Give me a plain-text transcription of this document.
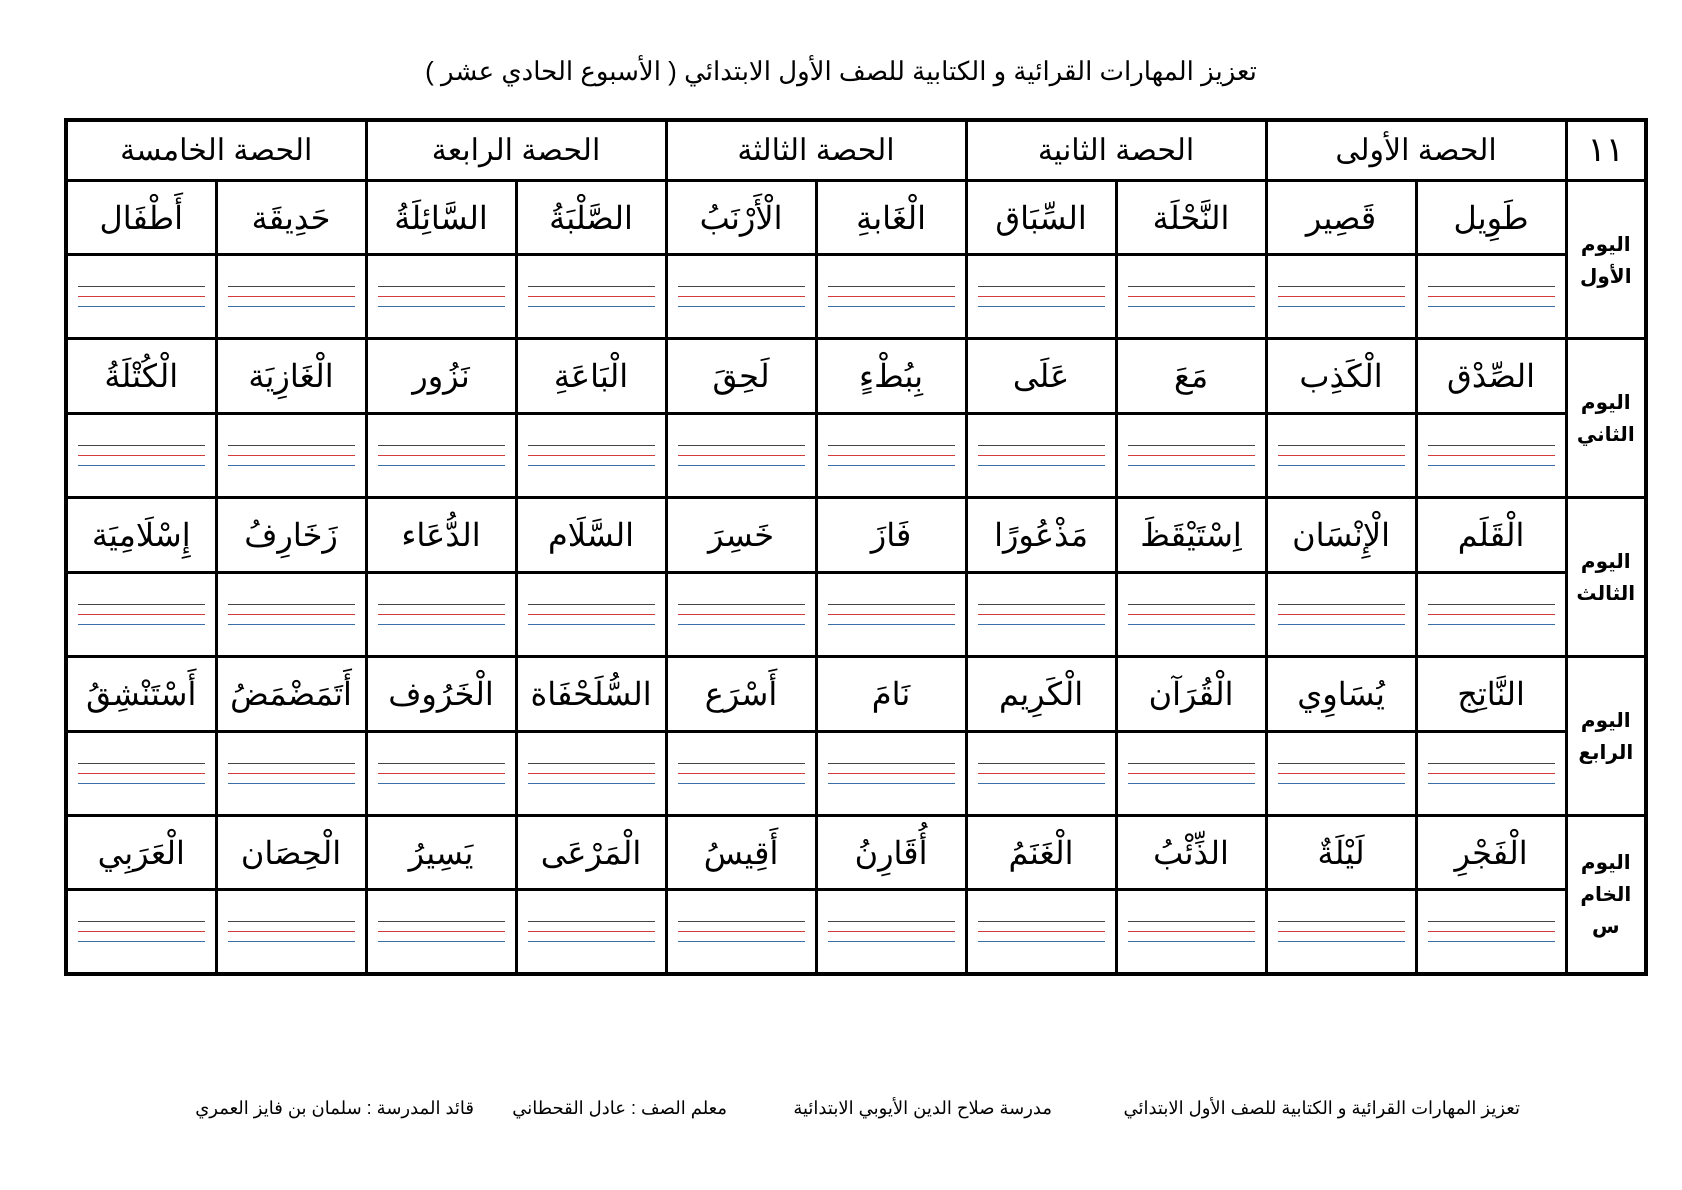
تعزيز المهارات القرائية و الكتابية للصف الأول الابتدائي ( الأسبوع الحادي عشر )
١١	الحصة الأولى		الحصة الثانية		الحصة الثالثة		الحصة الرابعة		الحصة الخامسة	

اليوم
الأول	طَوِيل	قَصِير	النَّحْلَة	السِّبَاق	الْغَابةِ	الْأَرْنَبُ	الصَّلْبَةُ	السَّائِلَةُ	حَدِيقَة	أَطْفَال

اليوم
الثاني	الصِّدْق	الْكَذِب	مَعَ	عَلَى	بِبُطْءٍ	لَحِقَ	الْبَاعَةِ	نَزُور	الْغَازِيَة	الْكُتْلَةُ

اليوم
الثالث	الْقَلَم	الْإِنْسَان	اِسْتَيْقَظَ	مَذْعُورًا	فَازَ	خَسِرَ	السَّلَام	الدُّعَاء	زَخَارِفُ	إِسْلَامِيَة

اليوم
الرابع	النَّاتِج	يُسَاوِي	الْقُرَآن	الْكَرِيم	نَامَ	أَسْرَع	السُّلَحْفَاة	الْخَرُوف	أَتَمَضْمَضُ	أَسْتَنْشِقُ

اليوم
الخام
س	الْفَجْرِ	لَيْلَةٌ	الذِّئْبُ	الْغَنَمُ	أُقَارِنُ	أَقِيسُ	الْمَرْعَى	يَسِيرُ	الْحِصَان	الْعَرَبِي

تعزيز المهارات القرائية و الكتابية للصف الأول الابتدائي
مدرسة صلاح الدين الأيوبي الابتدائية
معلم الصف : عادل القحطاني
قائد المدرسة : سلمان بن فايز العمري
